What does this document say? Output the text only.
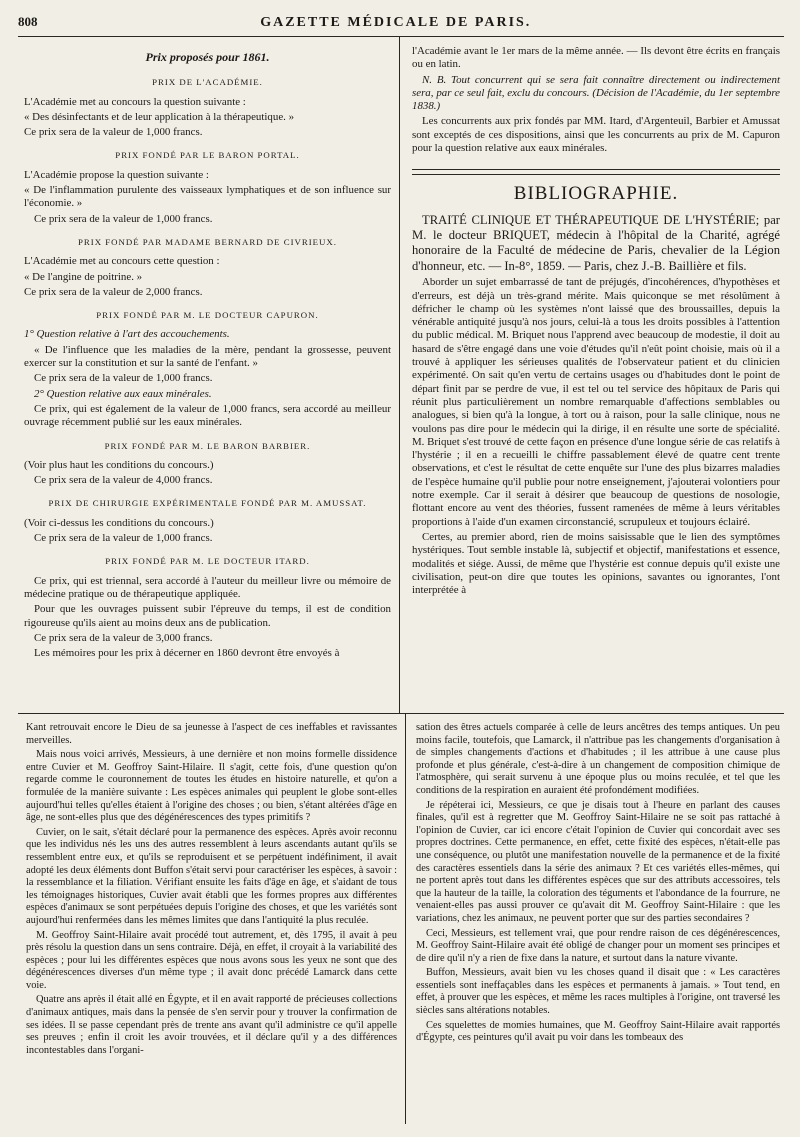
808	GAZETTE MÉDICALE DE PARIS.
Prix proposés pour 1861.
PRIX DE L'ACADÉMIE.

L'Académie met au concours la question suivante :

« Des désinfectants et de leur application à la thérapeutique. »

Ce prix sera de la valeur de 1,000 francs.

PRIX FONDÉ PAR LE BARON PORTAL.

L'Académie propose la question suivante :

« De l'inflammation purulente des vaisseaux lymphatiques et de son influence sur l'économie. »

Ce prix sera de la valeur de 1,000 francs.

PRIX FONDÉ PAR MADAME BERNARD DE CIVRIEUX.

L'Académie met au concours cette question :

« De l'angine de poitrine. »

Ce prix sera de la valeur de 2,000 francs.

PRIX FONDÉ PAR M. LE DOCTEUR CAPURON.

1° Question relative à l'art des accouchements.

« De l'influence que les maladies de la mère, pendant la grossesse, peuvent exercer sur la constitution et sur la santé de l'enfant. »

Ce prix sera de la valeur de 1,000 francs.

2° Question relative aux eaux minérales.

Ce prix, qui est également de la valeur de 1,000 francs, sera accordé au meilleur ouvrage récemment publié sur les eaux minérales.

PRIX FONDÉ PAR M. LE BARON BARBIER.

(Voir plus haut les conditions du concours.)

Ce prix sera de la valeur de 4,000 francs.

PRIX DE CHIRURGIE EXPÉRIMENTALE FONDÉ PAR M. AMUSSAT.

(Voir ci-dessus les conditions du concours.)

Ce prix sera de la valeur de 1,000 francs.

PRIX FONDÉ PAR M. LE DOCTEUR ITARD.

Ce prix, qui est triennal, sera accordé à l'auteur du meilleur livre ou mémoire de médecine pratique ou de thérapeutique appliquée.

Pour que les ouvrages puissent subir l'épreuve du temps, il est de condition rigoureuse qu'ils aient au moins deux ans de publication.

Ce prix sera de la valeur de 3,000 francs.

Les mémoires pour les prix à décerner en 1860 devront être envoyés à

l'Académie avant le 1er mars de la même année. — Ils devont être écrits en français ou en latin.

N. B. Tout concurrent qui se sera fait connaître directement ou indirectement sera, par ce seul fait, exclu du concours. (Décision de l'Académie, du 1er septembre 1838.)

Les concurrents aux prix fondés par MM. Itard, d'Argenteuil, Barbier et Amussat sont exceptés de ces dispositions, ainsi que les concurrents au prix de M. Capuron pour la question relative aux eaux minérales.

BIBLIOGRAPHIE.

TRAITÉ CLINIQUE ET THÉRAPEUTIQUE DE L'HYSTÉRIE; par M. le docteur BRIQUET, médecin à l'hôpital de la Charité, agrégé honoraire de la Faculté de médecine de Paris, chevalier de la Légion d'honneur, etc. — In-8°, 1859. — Paris, chez J.-B. Baillière et fils.

Aborder un sujet embarrassé de tant de préjugés, d'incohérences, d'hypothèses et d'erreurs, est déjà un très-grand mérite. Mais quiconque se met résolûment à défricher le champ où les systèmes n'ont laissé que des broussailles, depuis la vénérable antiquité jusqu'à nos jours, celui-là a tous les droits possibles à l'attention du public médical. M. Briquet nous l'apprend avec beaucoup de modestie, il doit au hasard de s'être engagé dans une voie d'études qu'il n'eût point choisie, mais où il a trouvé à appliquer les sérieuses qualités de l'observateur patient et du clinicien expérimenté. On sait qu'en vertu de certains usages ou d'habitudes dont le point de départ finit par se perdre de vue, il est tel ou tel service des hôpitaux de Paris qui réunit plus particulièrement un nombre remarquable d'affections semblables ou analogues, si bien qu'à la longue, à tort ou à raison, pour la salle clinique, nous ne voulons pas dire pour le médecin qui la dirige, il en résulte une sorte de spécialité. M. Briquet s'est trouvé de cette façon en présence d'une longue série de cas relatifs à l'hystérie ; il en a recueilli le chiffre passablement élevé de quatre cent trente observations, et c'est le résultat de cette enquête sur l'une des plus bizarres maladies de l'espèce humaine qu'il publie pour notre enseignement, j'ajouterai volontiers pour notre exemple. Car il serait à désirer que beaucoup de questions de nosologie, flottant encore au vent des théories, fussent ramenées de même à leurs véritables proportions à l'aide d'un examen circonstancié, scrupuleux et toujours éclairé.

Certes, au premier abord, rien de moins saisissable que le lien des symptômes hystériques. Tout semble instable là, subjectif et objectif, manifestations et essence, modalités et siége. Aussi, de même que l'hystérie est connue depuis qu'il existe une civilisation, peut-on dire que toutes les opinions, savantes ou ignorantes, l'ont interprétée à

Kant retrouvait encore le Dieu de sa jeunesse à l'aspect de ces ineffables et ravissantes merveilles.

Mais nous voici arrivés, Messieurs, à une dernière et non moins formelle dissidence entre Cuvier et M. Geoffroy Saint-Hilaire. Il s'agit, cette fois, d'une question qu'on regarde comme le couronnement de toutes les études en histoire naturelle, et qu'on a formulée de la manière suivante : Les espèces animales qui peuplent le globe sont-elles aujourd'hui telles qu'elles étaient à l'origine des choses ; ou bien, s'étant altérées d'âge en âge, ne sont-elles plus que des dégénérescences des types primitifs ?

Cuvier, on le sait, s'était déclaré pour la permanence des espèces. Après avoir reconnu que les individus nés les uns des autres ressemblent à leurs ascendants autant qu'ils se ressemblent entre eux, et qu'ils se reproduisent et se perpétuent indéfiniment, il avait adopté les deux éléments dont Buffon s'était servi pour caractériser les espèces, à savoir : la ressemblance et la filiation. Vérifiant ensuite les faits d'âge en âge, et s'aidant de tous les témoignages historiques, Cuvier avait établi que les formes propres aux différentes espèces d'animaux se sont perpétuées depuis l'origine des choses, et que les variétés sont aujourd'hui renfermées dans les mêmes limites que dans l'antiquité la plus reculée.

M. Geoffroy Saint-Hilaire avait procédé tout autrement, et, dès 1795, il avait à peu près résolu la question dans un sens contraire. Déjà, en effet, il croyait à la variabilité des espèces ; pour lui les différentes espèces que nous avons sous les yeux ne sont que des dégénérescences diverses d'un même type ; il avait donc précédé Lamarck dans cette voie.

Quatre ans après il était allé en Égypte, et il en avait rapporté de précieuses collections d'animaux antiques, mais dans la pensée de s'en servir pour y trouver la confirmation de ses idées. Il se passe cependant près de trente ans avant qu'il administre ce qu'il appelle ses preuves ; enfin il croit les avoir trouvées, et il déclare qu'il y a des différences incontestables dans l'organi-

sation des êtres actuels comparée à celle de leurs ancêtres des temps antiques. Un peu moins facile, toutefois, que Lamarck, il n'attribue pas les changements d'organisation à de simples changements d'actions et d'habitudes ; il les attribue à une cause plus profonde et plus générale, c'est-à-dire à un changement de composition chimique de l'atmosphère, qui serait survenu à une époque plus ou moins reculée, et tel que les conditions de la respiration en auraient été profondément modifiées.

Je répéterai ici, Messieurs, ce que je disais tout à l'heure en parlant des causes finales, qu'il est à regretter que M. Geoffroy Saint-Hilaire ne se soit pas rattaché à l'opinion de Cuvier, car ici encore c'était l'opinion de Cuvier qui concordait avec ses propres doctrines. Cette permanence, en effet, cette fixité des espèces, n'était-elle pas une conséquence, ou plutôt une manifestation nouvelle de la permanence et de la fixité des caractères essentiels dans la série des animaux ? Et ces variétés elles-mêmes, qui ne portent après tout dans les différentes espèces que sur des attributs accessoires, tels que la hauteur de la taille, la coloration des téguments et l'abondance de la fourrure, ne venaient-elles pas aussi prouver ce qu'avait dit M. Geoffroy Saint-Hilaire : que les variations, chez les animaux, ne peuvent porter que sur des parties secondaires ?

Ceci, Messieurs, est tellement vrai, que pour rendre raison de ces dégénérescences, M. Geoffroy Saint-Hilaire avait été obligé de changer pour un moment ses principes et de dire qu'il n'y a rien de fixe dans la nature, et surtout dans la nature vivante.

Buffon, Messieurs, avait bien vu les choses quand il disait que : « Les caractères essentiels sont ineffaçables dans les espèces et permanents à jamais. » Tout tend, en effet, à prouver que les espèces, et même les races multiples à l'origine, ont traversé les siècles sans altérations notables.

Ces squelettes de momies humaines, que M. Geoffroy Saint-Hilaire avait rapportés d'Égypte, ces peintures qu'il avait pu voir dans les tombeaux des
